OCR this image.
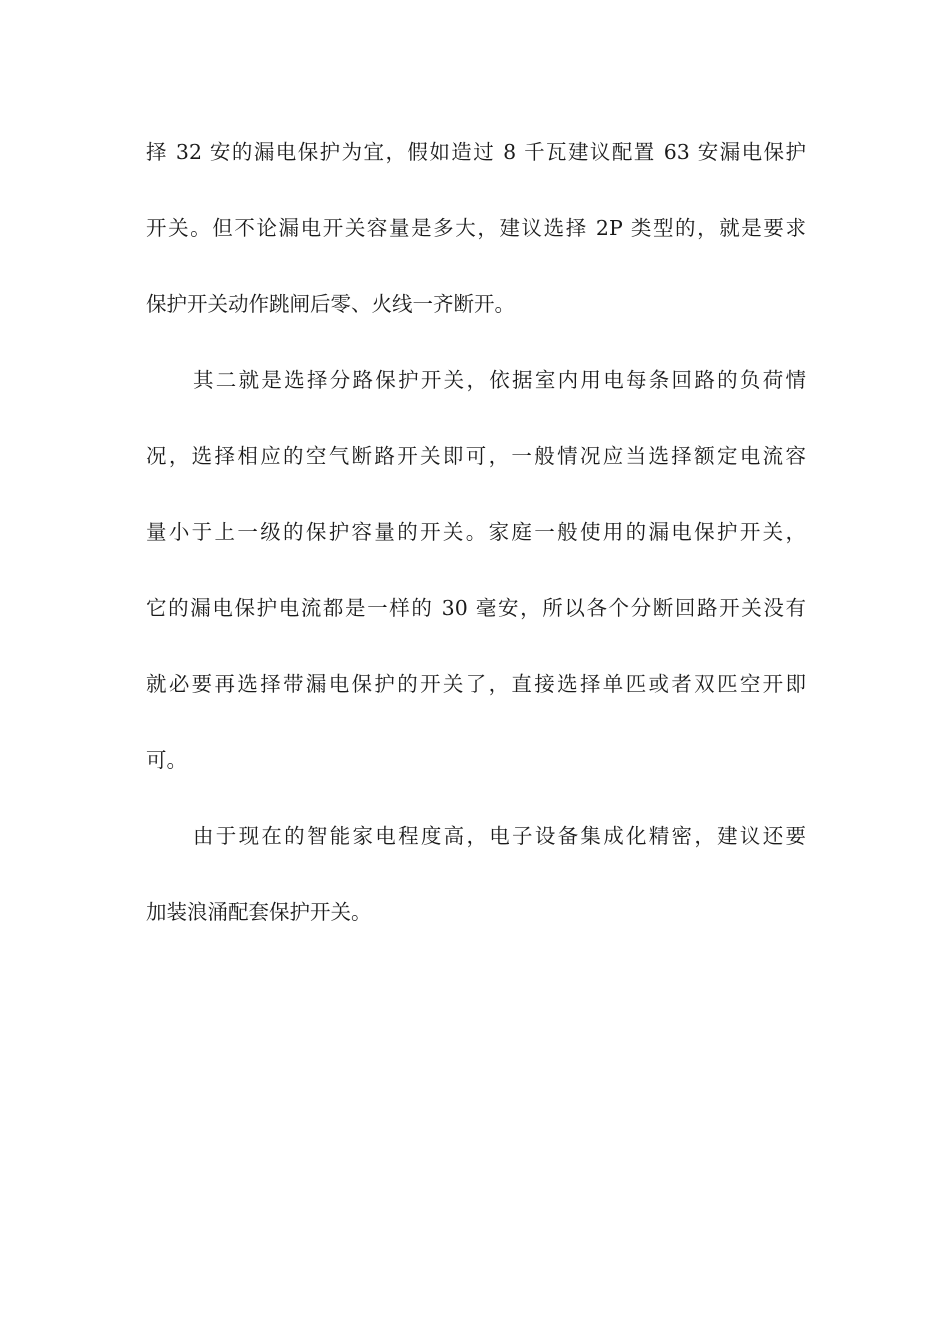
择 32 安的漏电保护为宜，假如造过 8 千瓦建议配置 63 安漏电保护
开关。但不论漏电开关容量是多大，建议选择 2P 类型的，就是要求
保护开关动作跳闸后零、火线一齐断开。
其二就是选择分路保护开关，依据室内用电每条回路的负荷情
况，选择相应的空气断路开关即可，一般情况应当选择额定电流容
量小于上一级的保护容量的开关。家庭一般使用的漏电保护开关，
它的漏电保护电流都是一样的 30 毫安，所以各个分断回路开关没有
就必要再选择带漏电保护的开关了，直接选择单匹或者双匹空开即
可。
由于现在的智能家电程度高，电子设备集成化精密，建议还要
加装浪涌配套保护开关。
